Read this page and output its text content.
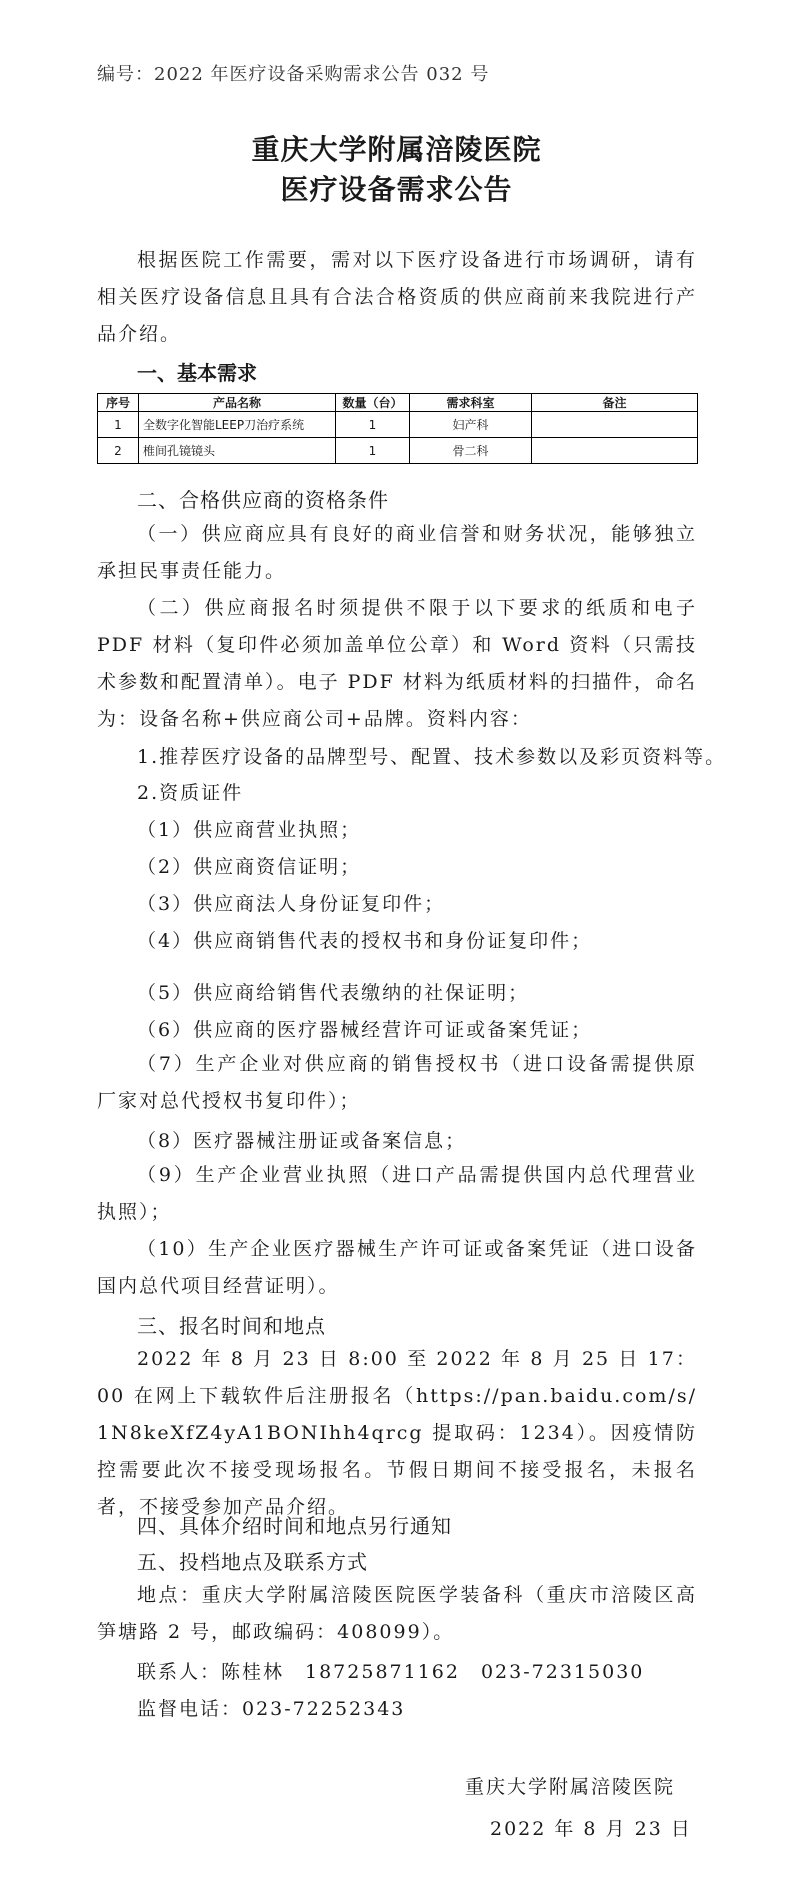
编号：2022 年医疗设备采购需求公告 032 号
重庆大学附属涪陵医院
医疗设备需求公告

根据医院工作需要，需对以下医疗设备进行市场调研，请有相关医疗设备信息且具有合法合格资质的供应商前来我院进行产品介绍。

一、基本需求
序号	产品名称	数量（台）	需求科室	备注
1	全数字化智能LEEP刀治疗系统	1	妇产科	
2	椎间孔镜镜头	1	骨二科	
二、合格供应商的资格条件

（一）供应商应具有良好的商业信誉和财务状况，能够独立承担民事责任能力。

（二）供应商报名时须提供不限于以下要求的纸质和电子PDF 材料（复印件必须加盖单位公章）和 Word 资料（只需技术参数和配置清单）。电子 PDF 材料为纸质材料的扫描件，命名为：设备名称+供应商公司+品牌。资料内容：

1.推荐医疗设备的品牌型号、配置、技术参数以及彩页资料等。
2.资质证件
（1）供应商营业执照；
（2）供应商资信证明；
（3）供应商法人身份证复印件；
（4）供应商销售代表的授权书和身份证复印件；
（5）供应商给销售代表缴纳的社保证明；
（6）供应商的医疗器械经营许可证或备案凭证；

（7）生产企业对供应商的销售授权书（进口设备需提供原厂家对总代授权书复印件）；

（8）医疗器械注册证或备案信息；

（9）生产企业营业执照（进口产品需提供国内总代理营业执照）；

（10）生产企业医疗器械生产许可证或备案凭证（进口设备国内总代项目经营证明）。

三、报名时间和地点

2022 年 8 月 23 日 8:00 至 2022 年 8 月 25 日 17：00 在网上下载软件后注册报名（https://pan.baidu.com/s/1N8keXfZ4yA1BONIhh4qrcg 提取码：1234）。因疫情防控需要此次不接受现场报名。节假日期间不接受报名，未报名者，不接受参加产品介绍。

四、具体介绍时间和地点另行通知
五、投档地点及联系方式

地点：重庆大学附属涪陵医院医学装备科（重庆市涪陵区高笋塘路 2 号，邮政编码：408099）。

联系人：陈桂林　18725871162　023-72315030
监督电话：023-72252343
重庆大学附属涪陵医院
2022 年 8 月 23 日
